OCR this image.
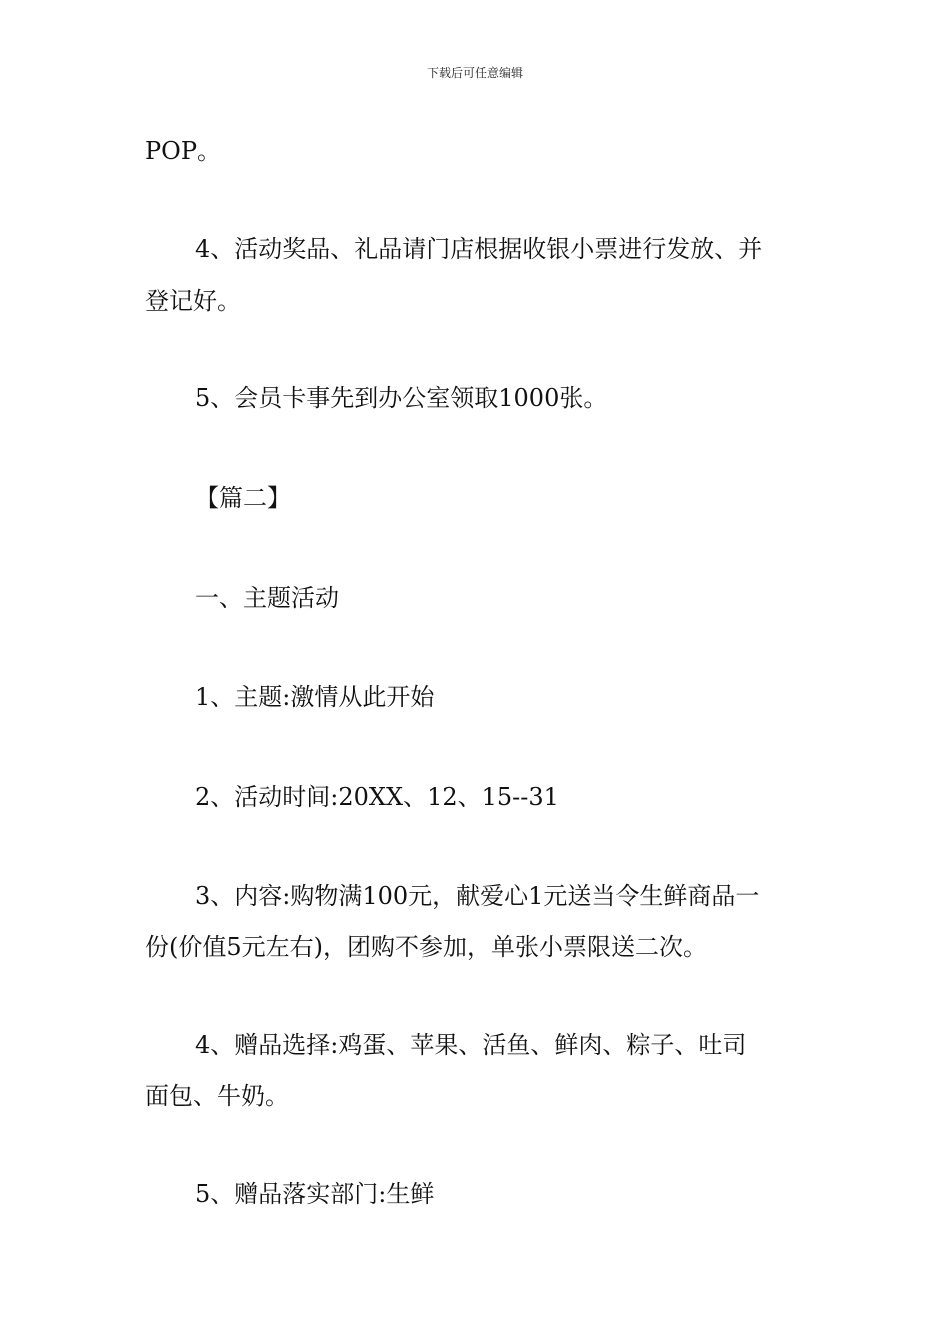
下载后可任意编辑
POP。
4、活动奖品、礼品请门店根据收银小票进行发放、并
登记好。
5、会员卡事先到办公室领取1000张。
【篇二】
一、主题活动
1、主题:激情从此开始
2、活动时间:20XX、12、15--31
3、内容:购物满100元，献爱心1元送当令生鲜商品一
份(价值5元左右)，团购不参加，单张小票限送二次。
4、赠品选择:鸡蛋、苹果、活鱼、鲜肉、粽子、吐司
面包、牛奶。
5、赠品落实部门:生鲜
